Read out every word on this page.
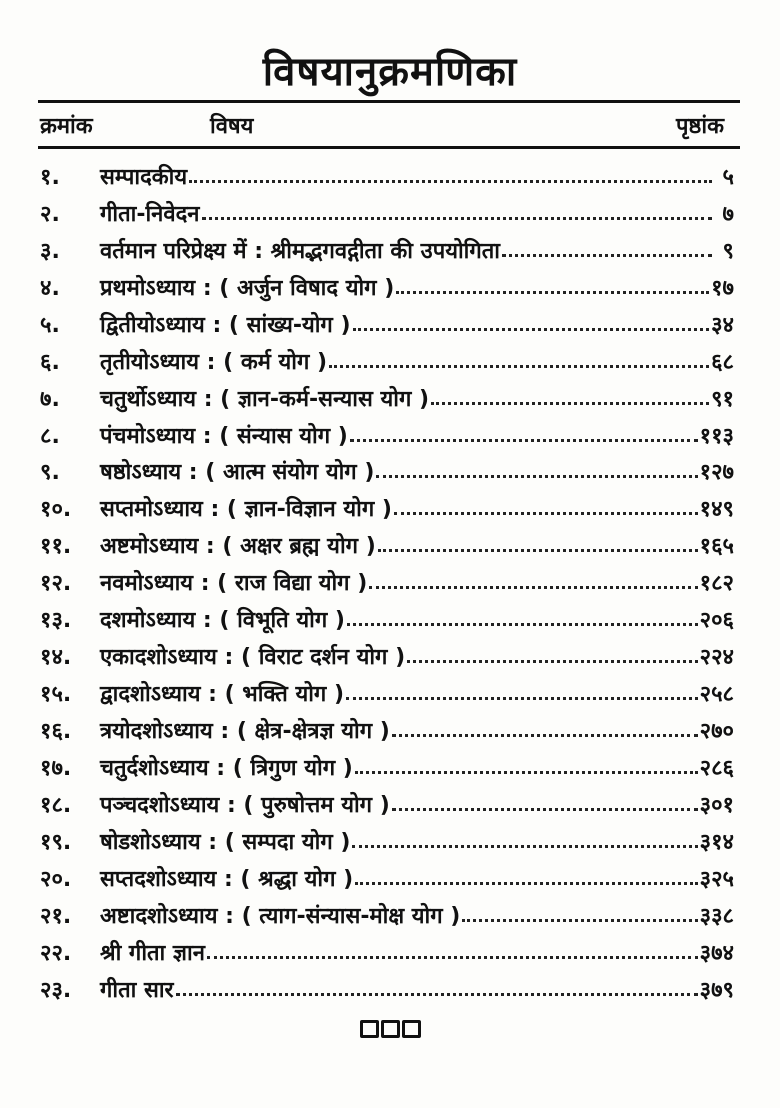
विषयानुक्रमणिका
क्रमांक	विषय	पृष्ठांक
१.	सम्पादकीय	५
२.	गीता-निवेदन	७
३.	वर्तमान परिप्रेक्ष्य में : श्रीमद्भगवद्गीता की उपयोगिता	९
४.	प्रथमोऽध्याय : ( अर्जुन विषाद योग )	१७
५.	द्वितीयोऽध्याय : ( सांख्य-योग )	३४
६.	तृतीयोऽध्याय : ( कर्म योग )	६८
७.	चतुर्थोऽध्याय : ( ज्ञान-कर्म-सन्यास योग )	९१
८.	पंचमोऽध्याय : ( संन्यास योग )	११३
९.	षष्ठोऽध्याय : ( आत्म संयोग योग )	१२७
१०.	सप्तमोऽध्याय : ( ज्ञान-विज्ञान योग )	१४९
११.	अष्टमोऽध्याय : ( अक्षर ब्रह्म योग )	१६५
१२.	नवमोऽध्याय : ( राज विद्या योग )	१८२
१३.	दशमोऽध्याय : ( विभूति योग )	२०६
१४.	एकादशोऽध्याय : ( विराट दर्शन योग )	२२४
१५.	द्वादशोऽध्याय : ( भक्ति योग )	२५८
१६.	त्रयोदशोऽध्याय : ( क्षेत्र-क्षेत्रज्ञ योग )	२७०
१७.	चतुर्दशोऽध्याय : ( त्रिगुण योग )	२८६
१८.	पञ्चदशोऽध्याय : ( पुरुषोत्तम योग )	३०१
१९.	षोडशोऽध्याय : ( सम्पदा योग )	३१४
२०.	सप्तदशोऽध्याय : ( श्रद्धा योग )	३२५
२१.	अष्टादशोऽध्याय : ( त्याग-संन्यास-मोक्ष योग )	३३८
२२.	श्री गीता ज्ञान	३७४
२३.	गीता सार	३७९
